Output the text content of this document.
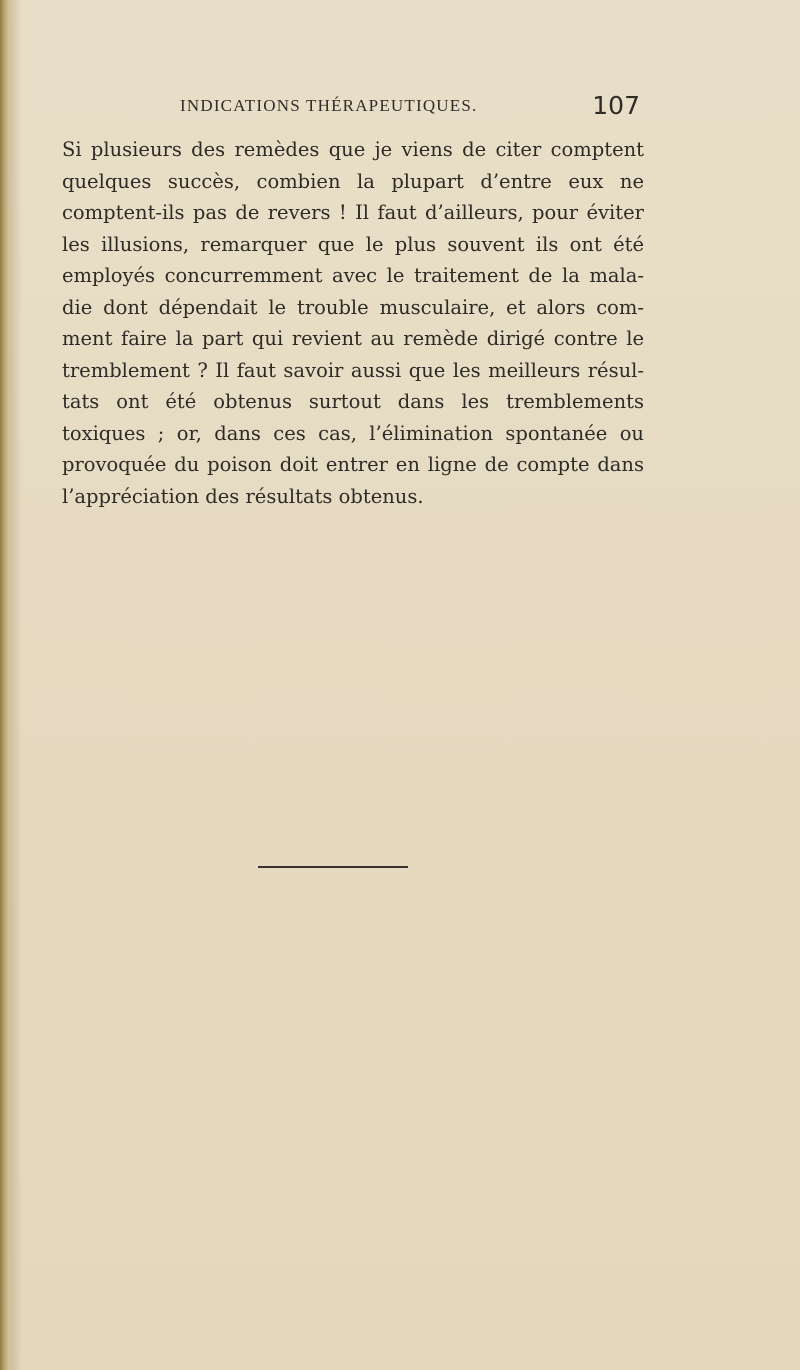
INDICATIONS THÉRAPEUTIQUES.	107
Si plusieurs des remèdes que je viens de citer comptent
quelques succès, combien la plupart d’entre eux ne
comptent-ils pas de revers ! Il faut d’ailleurs, pour éviter
les illusions, remarquer que le plus souvent ils ont été
employés concurremment avec le traitement de la mala-
die dont dépendait le trouble musculaire, et alors com-
ment faire la part qui revient au remède dirigé contre le
tremblement ? Il faut savoir aussi que les meilleurs résul-
tats ont été obtenus surtout dans les tremblements
toxiques ; or, dans ces cas, l’élimination spontanée ou
provoquée du poison doit entrer en ligne de compte dans
l’appréciation des résultats obtenus.
